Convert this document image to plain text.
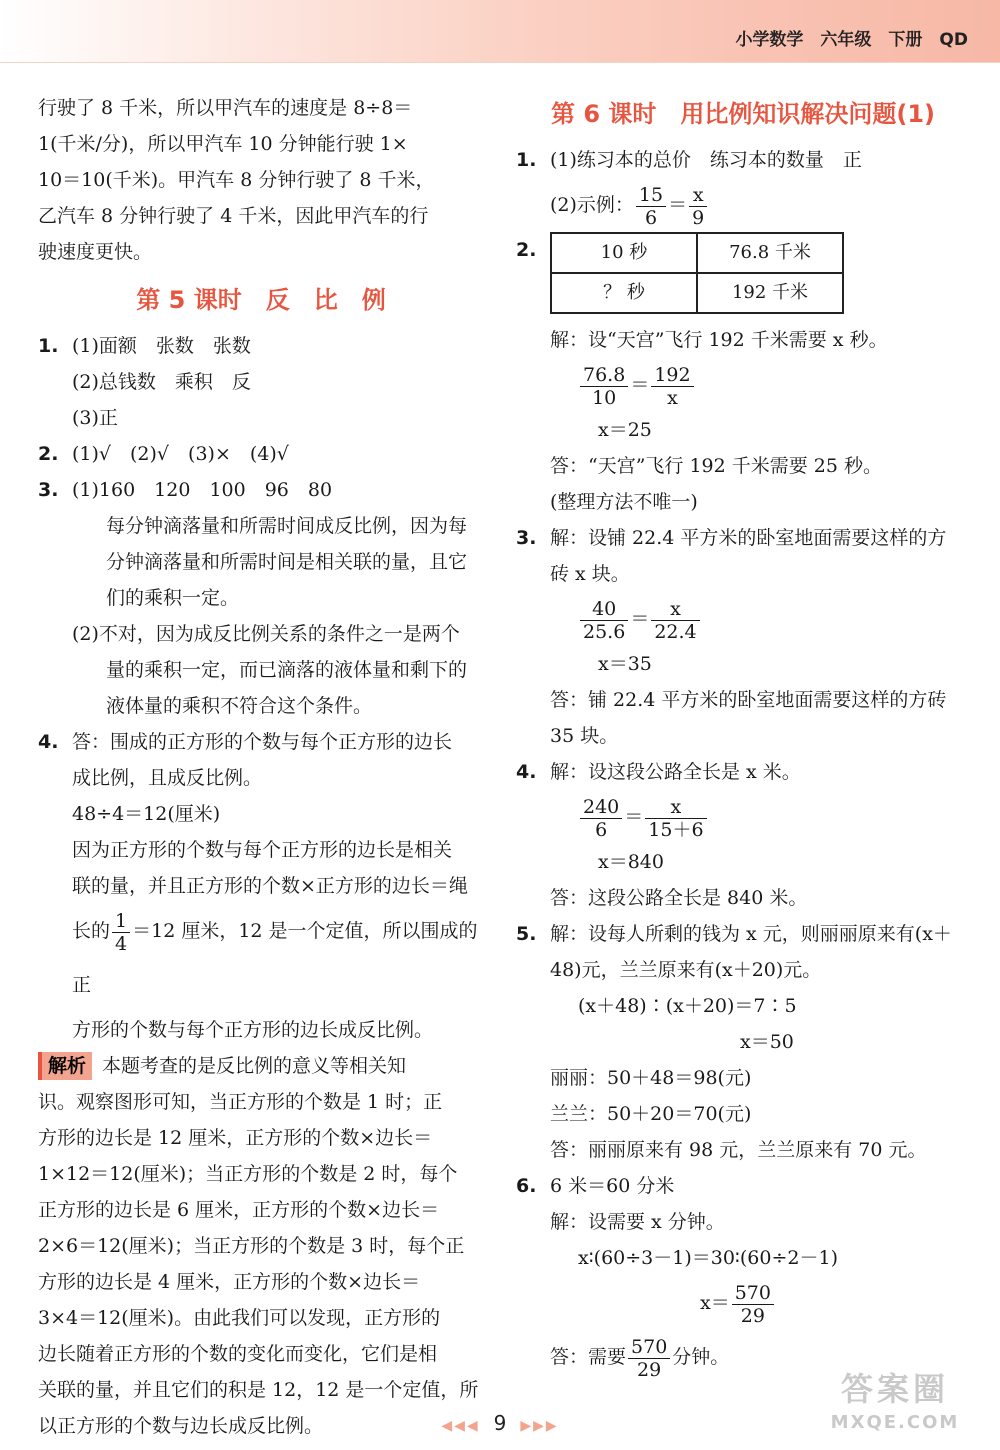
小学数学　六年级　下册　QD

行驶了 8 千米，所以甲汽车的速度是 8÷8＝

1(千米/分)，所以甲汽车 10 分钟能行驶 1×

10＝10(千米)。甲汽车 8 分钟行驶了 8 千米，

乙汽车 8 分钟行驶了 4 千米，因此甲汽车的行

驶速度更快。

第 5 课时　反　比　例
1. (1)面额　张数　张数

(2)总钱数　乘积　反

(3)正

2. (1)√　(2)√　(3)×　(4)√

3. (1)160　120　100　96　80

每分钟滴落量和所需时间成反比例，因为每

分钟滴落量和所需时间是相关联的量，且它

们的乘积一定。

(2)不对，因为成反比例关系的条件之一是两个

量的乘积一定，而已滴落的液体量和剩下的

液体量的乘积不符合这个条件。

4. 答：围成的正方形的个数与每个正方形的边长

成比例，且成反比例。

48÷4＝12(厘米)

因为正方形的个数与每个正方形的边长是相关

联的量，并且正方形的个数×正方形的边长＝绳

长的 $\frac{1}{4} =12$ 厘米，12 是一个定值，所以围成的正

方形的个数与每个正方形的边长成反比例。

解析 本题考查的是反比例的意义等相关知

识。观察图形可知，当正方形的个数是 1 时；正

方形的边长是 12 厘米，正方形的个数×边长＝

1×12＝12(厘米)；当正方形的个数是 2 时，每个

正方形的边长是 6 厘米，正方形的个数×边长＝

2×6＝12(厘米)；当正方形的个数是 3 时，每个正

方形的边长是 4 厘米，正方形的个数×边长＝

3×4＝12(厘米)。由此我们可以发现，正方形的

边长随着正方形的个数的变化而变化，它们是相

关联的量，并且它们的积是 12，12 是一个定值，所

以正方形的个数与边长成反比例。

第 6 课时　用比例知识解决问题(1)
1. (1)练习本的总价　练习本的数量　正

(2)示例： $\frac{15}{6} = \frac{x}{9}$

2.	10 秒	76.8 千米
？ 秒	192 千米

解：设“天宫”飞行 192 千米需要 x 秒。

$\frac{76.8}{10} = \frac{192}{x}$

x＝25

答：“天宫”飞行 192 千米需要 25 秒。

(整理方法不唯一)

3. 解：设铺 22.4 平方米的卧室地面需要这样的方

砖 x 块。

$\frac{40}{25.6} = \frac{x}{22.4}$

x＝35

答：铺 22.4 平方米的卧室地面需要这样的方砖

35 块。

4. 解：设这段公路全长是 x 米。

$\frac{240}{6} = \frac{x}{15+6}$

x＝840

答：这段公路全长是 840 米。

5. 解：设每人所剩的钱为 x 元，则丽丽原来有(x＋

48)元，兰兰原来有(x＋20)元。

(x＋48)∶(x＋20)＝7∶5

x＝50

丽丽：50＋48＝98(元)

兰兰：50＋20＝70(元)

答：丽丽原来有 98 元，兰兰原来有 70 元。

6. 6 米＝60 分米

解：设需要 x 分钟。

x∶(60÷3－1)＝30∶(60÷2－1)

$x= \frac{570}{29}$

答：需要 $\frac{570}{29}$ 分钟。

◀◀◀ 9 ▶▶▶
答案圈
MXQE.COM
